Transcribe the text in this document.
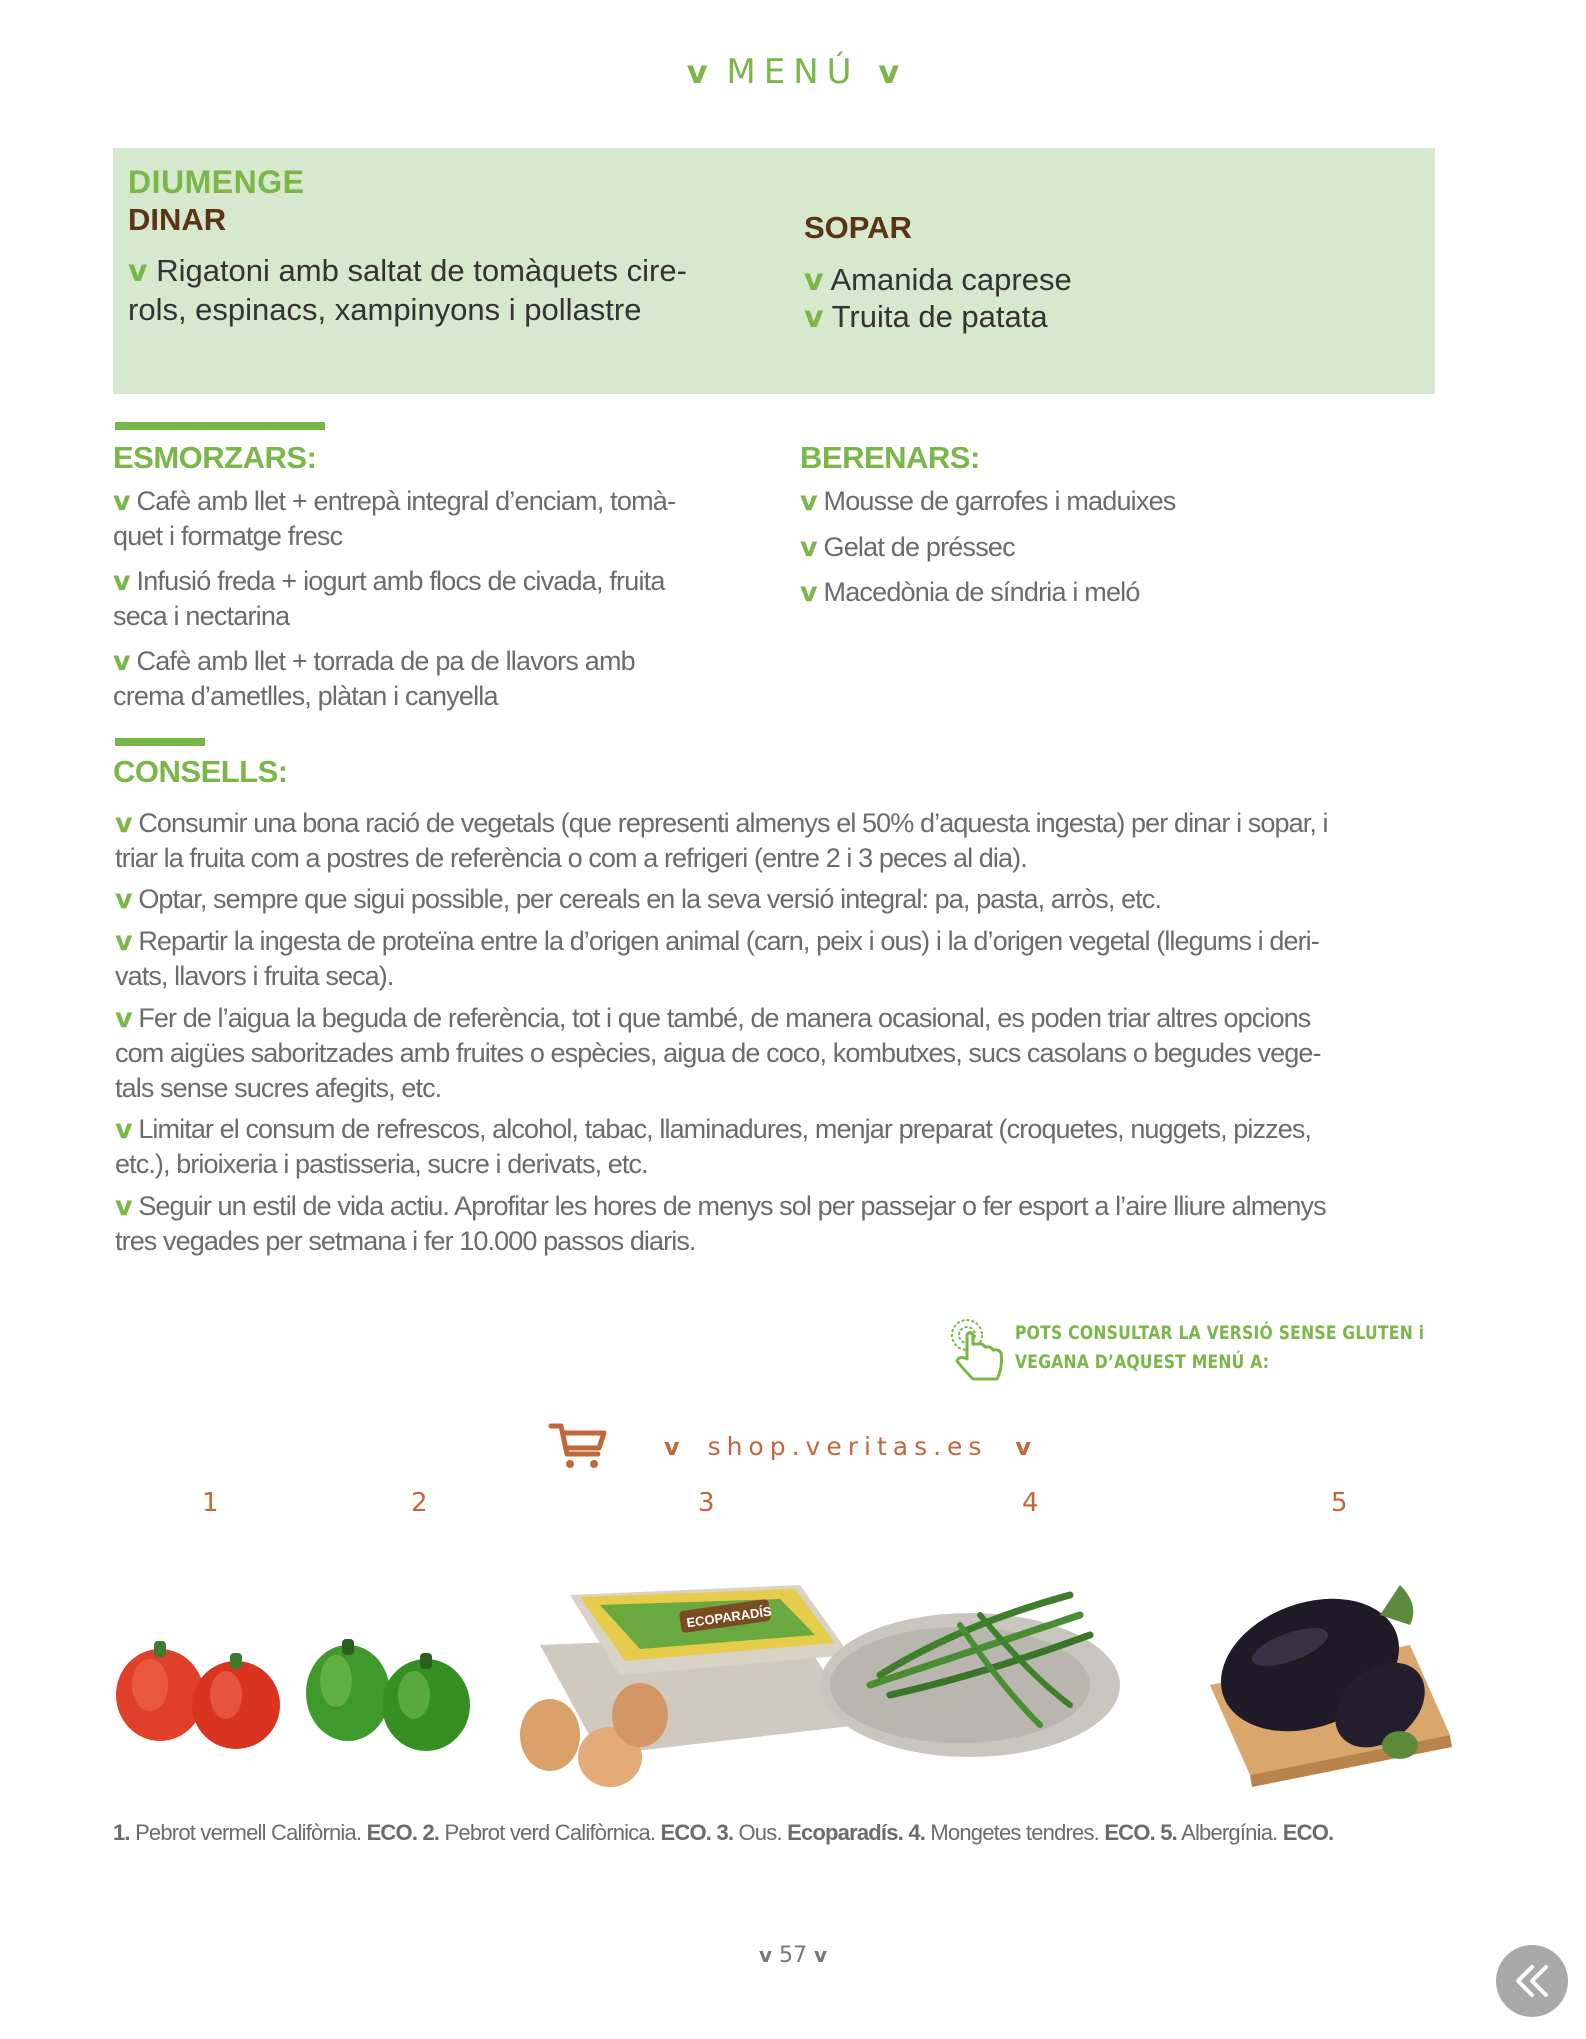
v MENÚ v
DIUMENGE
DINAR
v Rigatoni amb saltat de tomàquets cire-
rols, espinacs, xampinyons i pollastre
SOPAR
v Amanida caprese
v Truita de patata
ESMORZARS:
v Cafè amb llet + entrepà integral d’enciam, tomà-
quet i formatge fresc
v Infusió freda + iogurt amb flocs de civada, fruita
seca i nectarina
v Cafè amb llet + torrada de pa de llavors amb
crema d’ametlles, plàtan i canyella
BERENARS:
v Mousse de garrofes i maduixes
v Gelat de préssec
v Macedònia de síndria i meló
CONSELLS:
v Consumir una bona ració de vegetals (que representi almenys el 50% d’aquesta ingesta) per dinar i sopar, i
triar la fruita com a postres de referència o com a refrigeri (entre 2 i 3 peces al dia).
v Optar, sempre que sigui possible, per cereals en la seva versió integral: pa, pasta, arròs, etc.
v Repartir la ingesta de proteïna entre la d’origen animal (carn, peix i ous) i la d’origen vegetal (llegums i deri-
vats, llavors i fruita seca).
v Fer de l’aigua la beguda de referència, tot i que també, de manera ocasional, es poden triar altres opcions
com aigües saboritzades amb fruites o espècies, aigua de coco, kombutxes, sucs casolans o begudes vege-
tals sense sucres afegits, etc.
v Limitar el consum de refrescos, alcohol, tabac, llaminadures, menjar preparat (croquetes, nuggets, pizzes,
etc.), brioixeria i pastisseria, sucre i derivats, etc.
v Seguir un estil de vida actiu. Aprofitar les hores de menys sol per passejar o fer esport a l’aire lliure almenys
tres vegades per setmana i fer 10.000 passos diaris.
POTS CONSULTAR LA VERSIÓ SENSE GLUTEN i
VEGANA D’AQUEST MENÚ A:
v shop.veritas.es v
1	2	3	4	5
ECOPARADÍS
1. Pebrot vermell Califòrnia. ECO. 2. Pebrot verd Califòrnica. ECO. 3. Ous. Ecoparadís. 4. Mongetes tendres. ECO. 5. Albergínia. ECO.
v 57 v
